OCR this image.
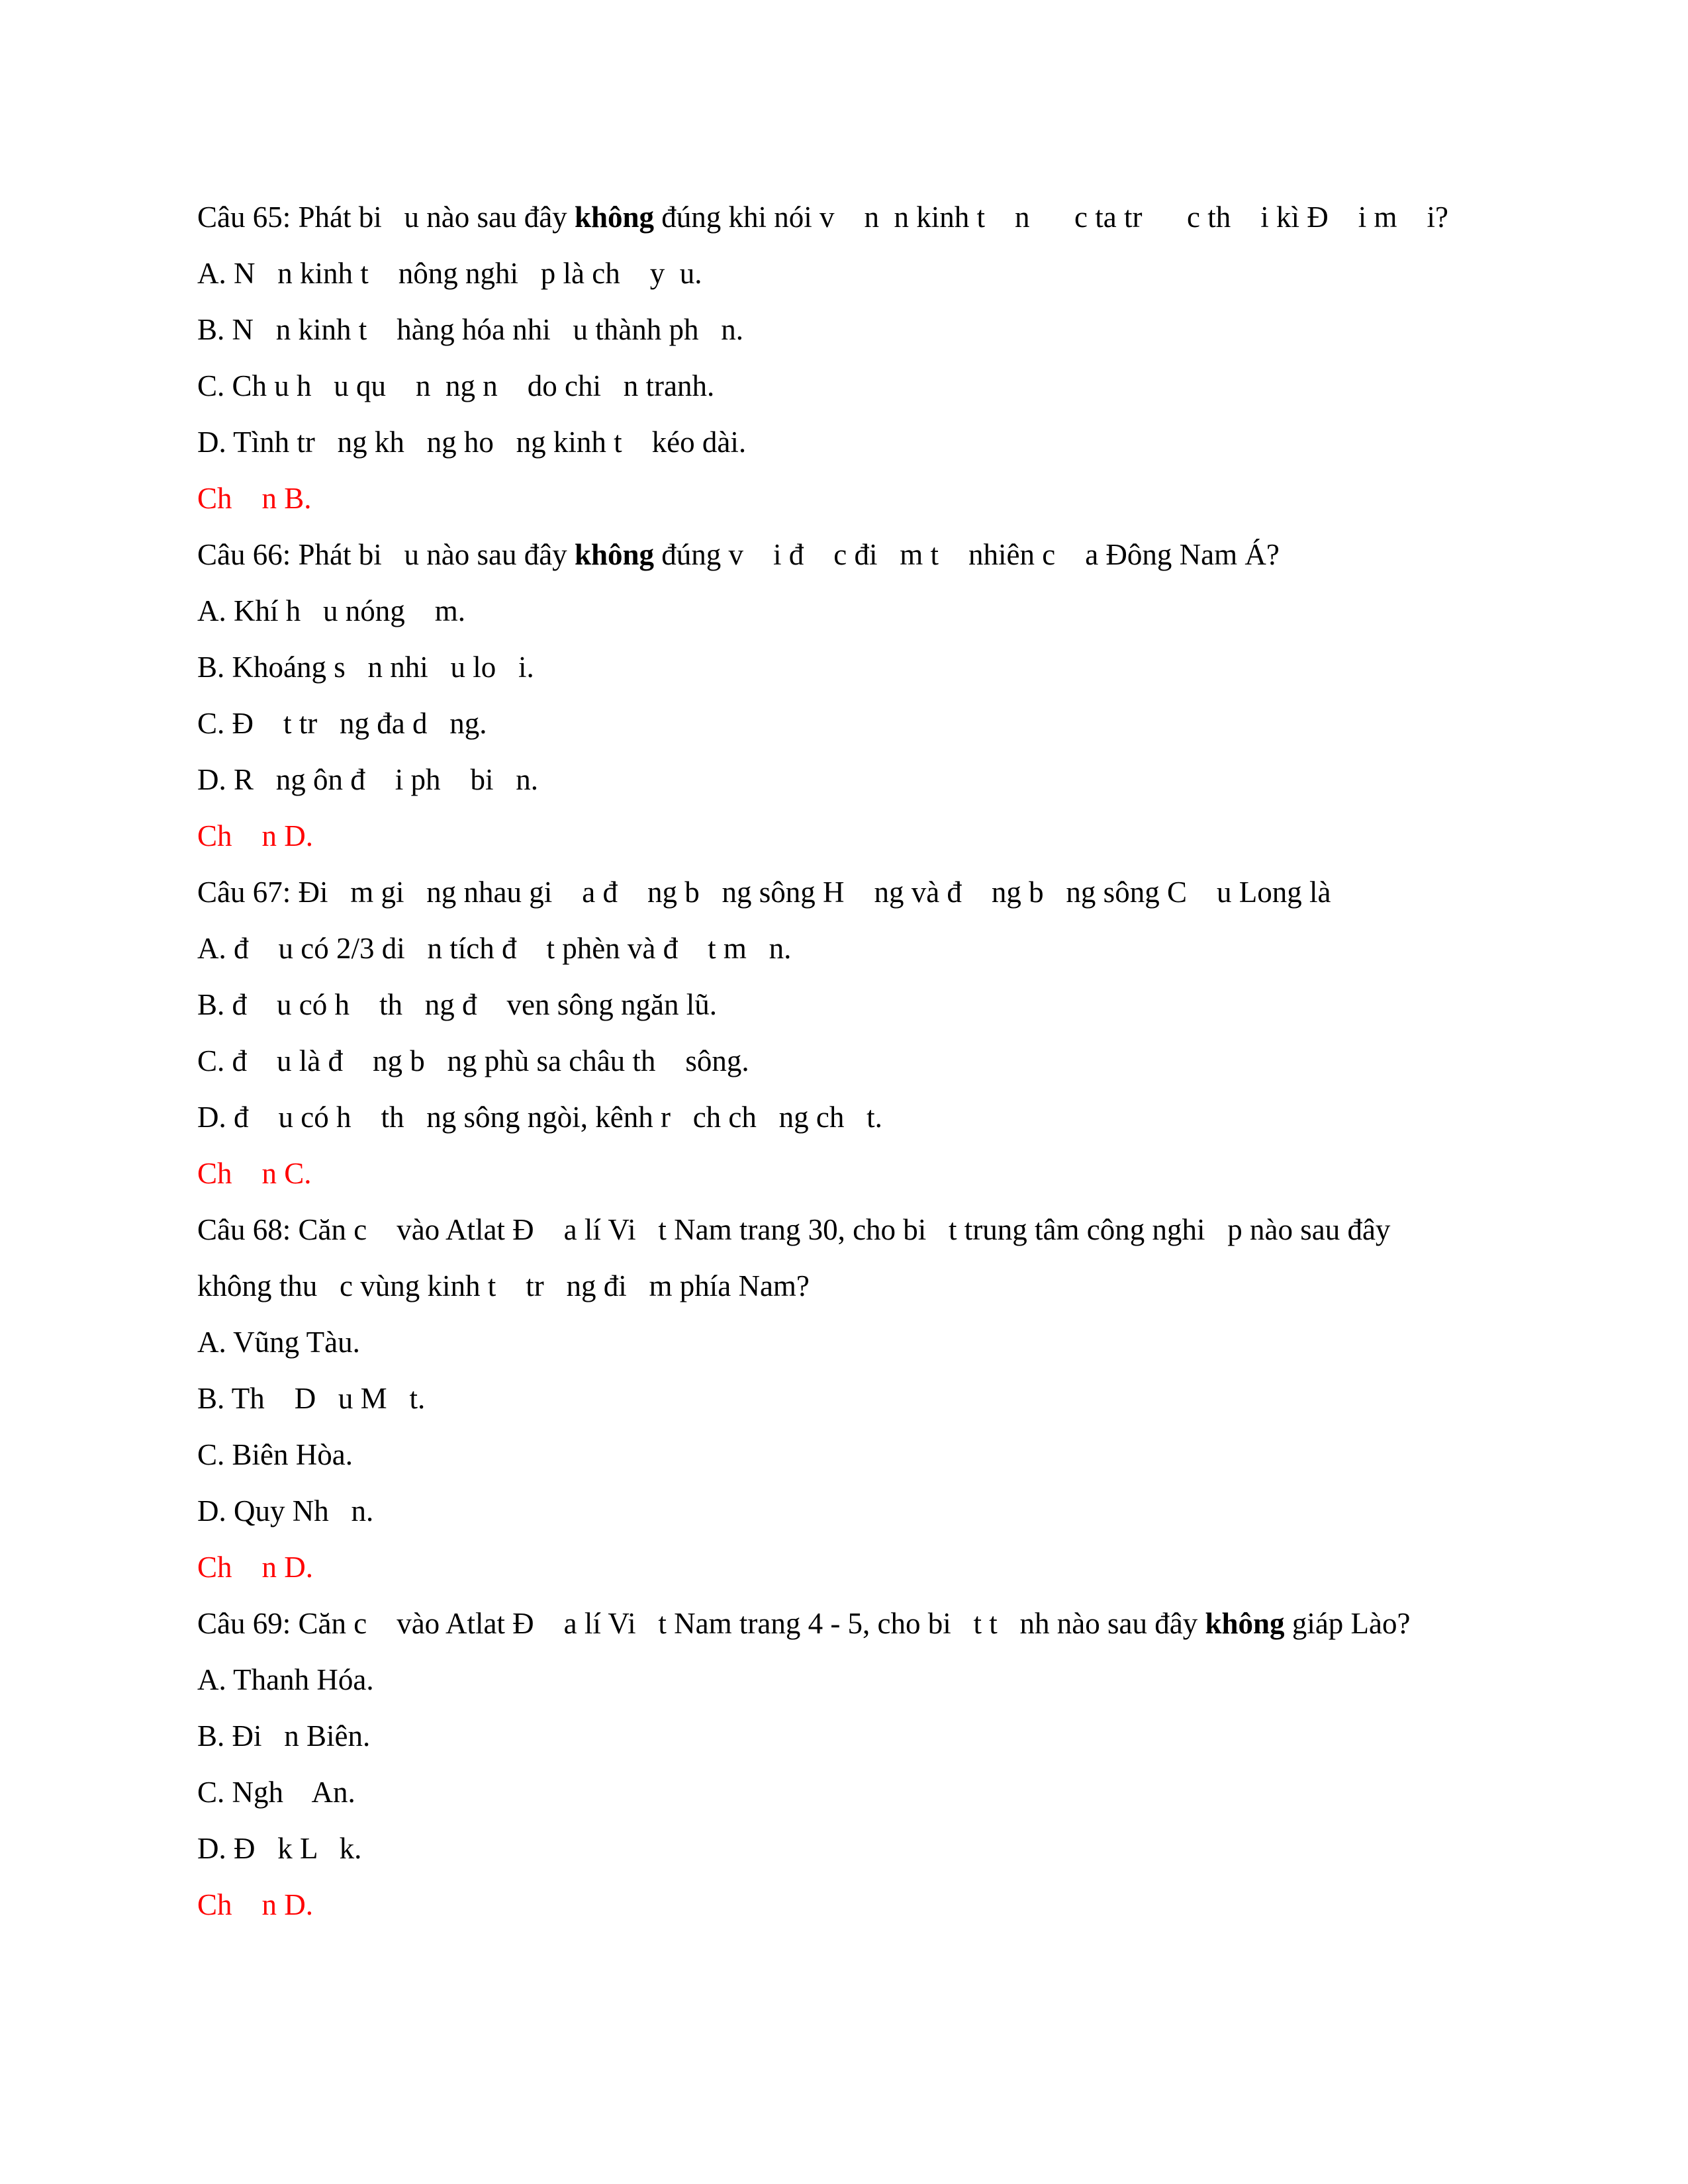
Câu 65: Phát bi   u nào sau đây không đúng khi nói v    n  n kinh t    n      c ta tr      c th    i kì Đ    i m    i?
A. N   n kinh t    nông nghi   p là ch    y  u.
B. N   n kinh t    hàng hóa nhi   u thành ph   n.
C. Ch u h   u qu    n  ng n    do chi   n tranh.
D. Tình tr   ng kh   ng ho   ng kinh t    kéo dài.
Ch    n B.
Câu 66: Phát bi   u nào sau đây không đúng v    i đ    c đi   m t    nhiên c    a Đông Nam Á?
A. Khí h   u nóng    m.
B. Khoáng s   n nhi   u lo   i.
C. Đ    t tr   ng đa d   ng.
D. R   ng ôn đ    i ph    bi   n.
Ch    n D.
Câu 67: Đi   m gi   ng nhau gi    a đ    ng b   ng sông H    ng và đ    ng b   ng sông C    u Long là
A. đ    u có 2/3 di   n tích đ    t phèn và đ    t m   n.
B. đ    u có h    th   ng đ    ven sông ngăn lũ.
C. đ    u là đ    ng b   ng phù sa châu th    sông.
D. đ    u có h    th   ng sông ngòi, kênh r   ch ch   ng ch   t.
Ch    n C.
Câu 68: Căn c    vào Atlat Đ    a lí Vi   t Nam trang 30, cho bi   t trung tâm công nghi   p nào sau đây
không thu   c vùng kinh t    tr   ng đi   m phía Nam?
A. Vũng Tàu.
B. Th    D   u M   t.
C. Biên Hòa.
D. Quy Nh   n.
Ch    n D.
Câu 69: Căn c    vào Atlat Đ    a lí Vi   t Nam trang 4 - 5, cho bi   t t   nh nào sau đây không giáp Lào?
A. Thanh Hóa.
B. Đi   n Biên.
C. Ngh    An.
D. Đ   k L   k.
Ch    n D.
